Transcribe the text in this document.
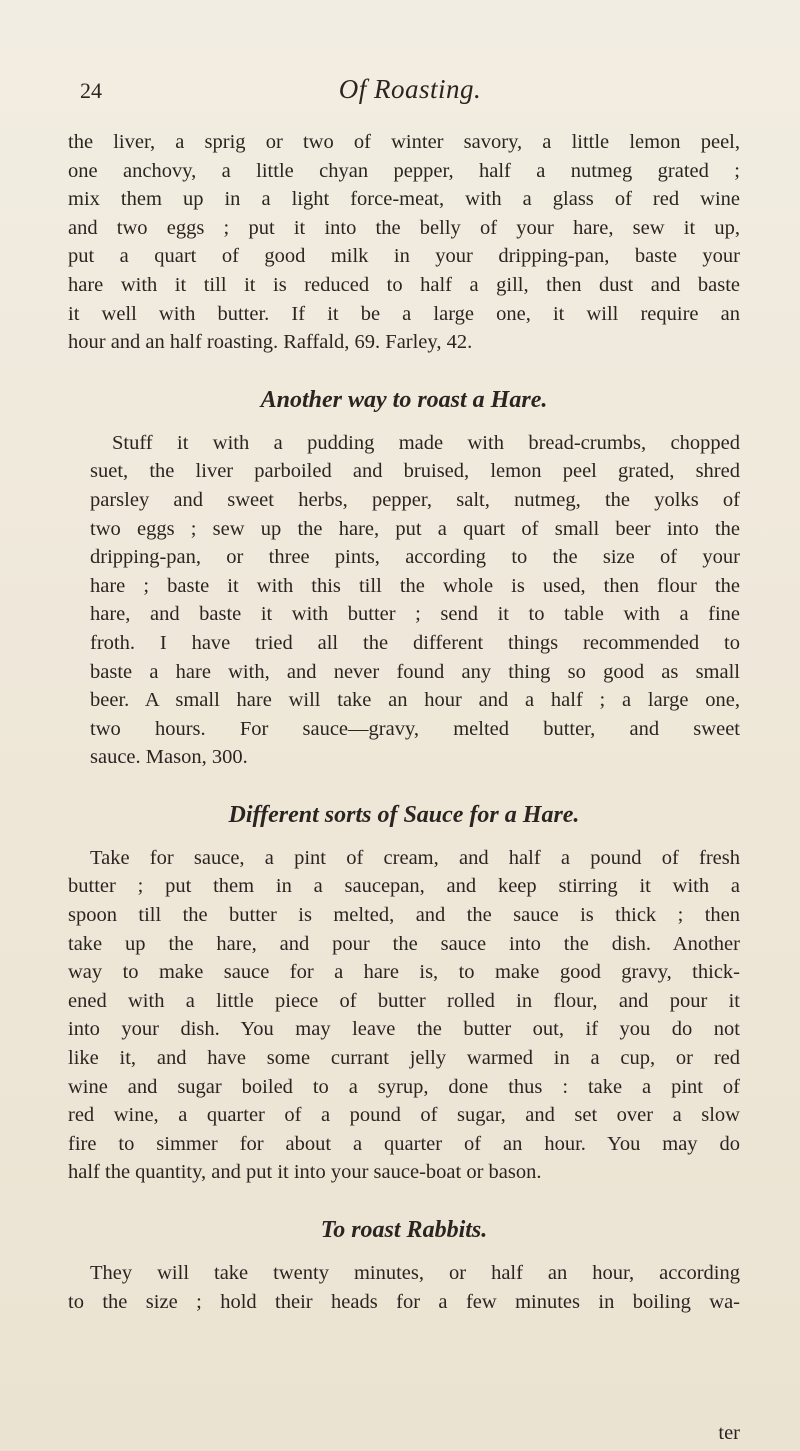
24	Of Roasting.
the liver, a sprig or two of winter savory, a little lemon peel,
one anchovy, a little chyan pepper, half a nutmeg grated ;
mix them up in a light force-meat, with a glass of red wine
and two eggs ; put it into the belly of your hare, sew it up,
put a quart of good milk in your dripping-pan, baste your
hare with it till it is reduced to half a gill, then dust and baste
it well with butter. If it be a large one, it will require an
hour and an half roasting. Raffald, 69. Farley, 42.
Another way to roast a Hare.
Stuff it with a pudding made with bread-crumbs, chopped
suet, the liver parboiled and bruised, lemon peel grated, shred
parsley and sweet herbs, pepper, salt, nutmeg, the yolks of
two eggs ; sew up the hare, put a quart of small beer into the
dripping-pan, or three pints, according to the size of your
hare ; baste it with this till the whole is used, then flour the
hare, and baste it with butter ; send it to table with a fine
froth. I have tried all the different things recommended to
baste a hare with, and never found any thing so good as small
beer. A small hare will take an hour and a half ; a large one,
two hours. For sauce—gravy, melted butter, and sweet
sauce. Mason, 300.
Different sorts of Sauce for a Hare.
Take for sauce, a pint of cream, and half a pound of fresh
butter ; put them in a saucepan, and keep stirring it with a
spoon till the butter is melted, and the sauce is thick ; then
take up the hare, and pour the sauce into the dish. Another
way to make sauce for a hare is, to make good gravy, thick-
ened with a little piece of butter rolled in flour, and pour it
into your dish. You may leave the butter out, if you do not
like it, and have some currant jelly warmed in a cup, or red
wine and sugar boiled to a syrup, done thus : take a pint of
red wine, a quarter of a pound of sugar, and set over a slow
fire to simmer for about a quarter of an hour. You may do
half the quantity, and put it into your sauce-boat or bason.
To roast Rabbits.
They will take twenty minutes, or half an hour, according
to the size ; hold their heads for a few minutes in boiling wa-
ter
